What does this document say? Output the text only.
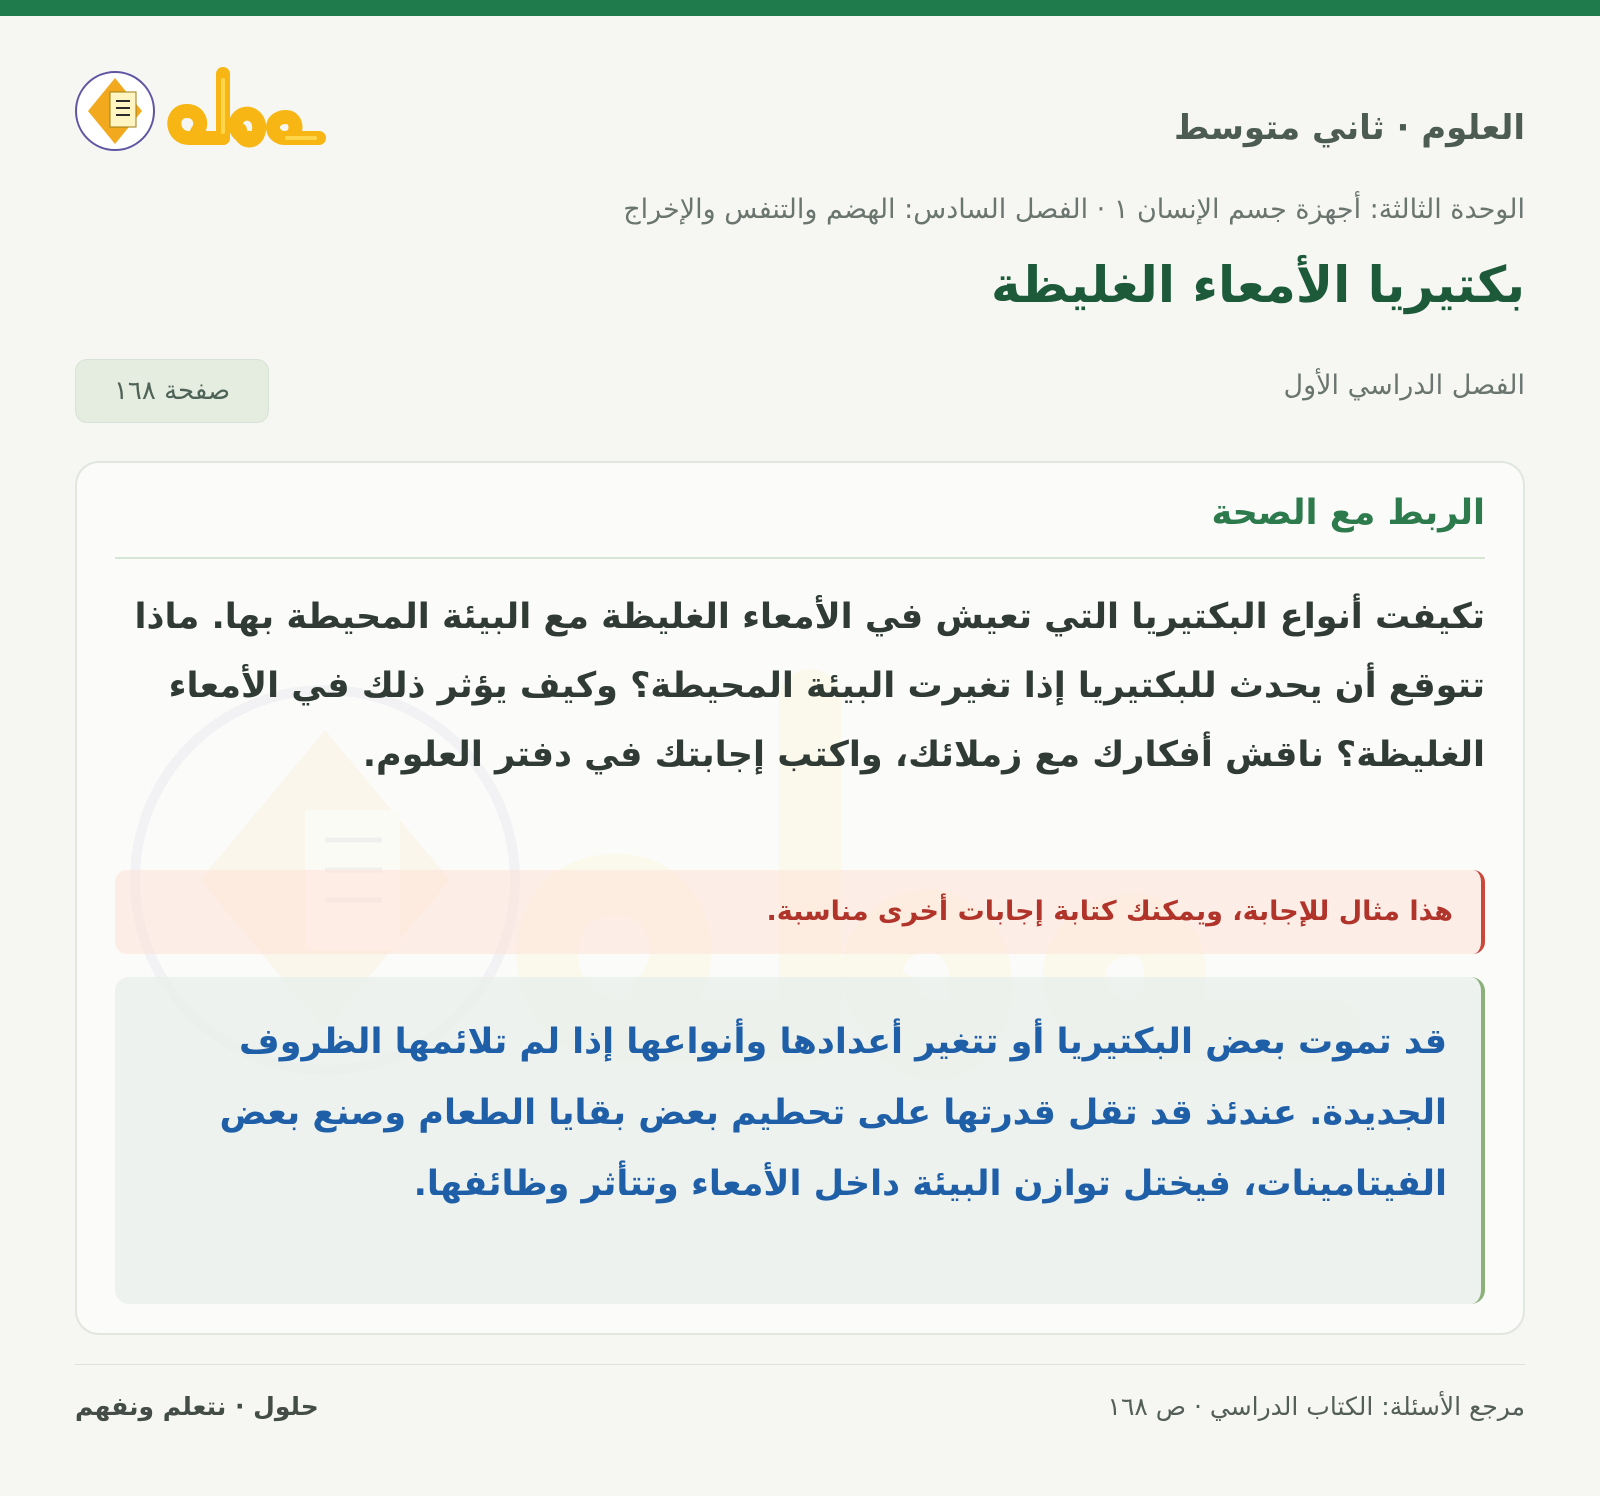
العلوم · ثاني متوسط

الوحدة الثالثة: أجهزة جسم الإنسان ١ · الفصل السادس: الهضم والتنفس والإخراج

بكتيريا الأمعاء الغليظة
الفصل الدراسي الأول
صفحة ١٦٨
الربط مع الصحة

تكيفت أنواع البكتيريا التي تعيش في الأمعاء الغليظة مع البيئة المحيطة بها. ماذا تتوقع أن يحدث للبكتيريا إذا تغيرت البيئة المحيطة؟ وكيف يؤثر ذلك في الأمعاء الغليظة؟ ناقش أفكارك مع زملائك، واكتب إجابتك في دفتر العلوم.

هذا مثال للإجابة، ويمكنك كتابة إجابات أخرى مناسبة.
قد تموت بعض البكتيريا أو تتغير أعدادها وأنواعها إذا لم تلائمها الظروف الجديدة. عندئذ قد تقل قدرتها على تحطيم بعض بقايا الطعام وصنع بعض الفيتامينات، فيختل توازن البيئة داخل الأمعاء وتتأثر وظائفها.
مرجع الأسئلة: الكتاب الدراسي · ص ١٦٨
حلول · نتعلم ونفهم
